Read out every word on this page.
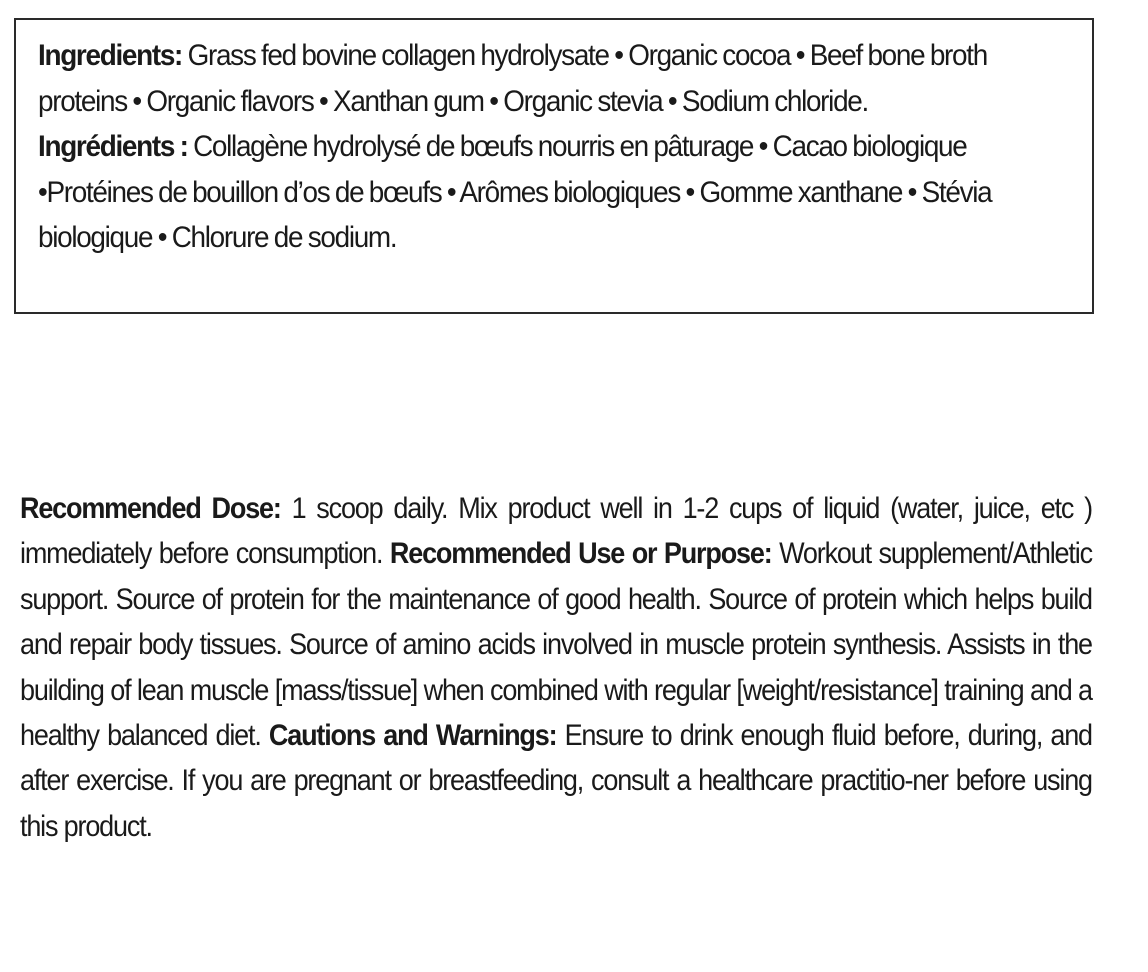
Ingredients: Grass fed bovine collagen hydrolysate • Organic cocoa • Beef bone broth proteins • Organic flavors • Xanthan gum • Organic stevia • Sodium chloride.

Ingrédients : Collagène hydrolysé de bœufs nourris en pâturage • Cacao biologique •Protéines de bouillon d’os de bœufs • Arômes biologiques • Gomme xanthane • Stévia biologique • Chlorure de sodium.

Recommended Dose: 1 scoop daily. Mix product well in 1-2 cups of liquid (water, juice, etc ) immediately before consumption. Recommended Use or Purpose: Workout supplement/Athletic support. Source of protein for the maintenance of good health. Source of protein which helps build and repair body tissues. Source of amino acids involved in muscle protein synthesis. Assists in the building of lean muscle [mass/tissue] when combined with regular [weight/resistance] training and a healthy balanced diet. Cautions and Warnings: Ensure to drink enough fluid before, during, and after exercise. If you are pregnant or breastfeeding, consult a healthcare practitio-ner before using this product.
